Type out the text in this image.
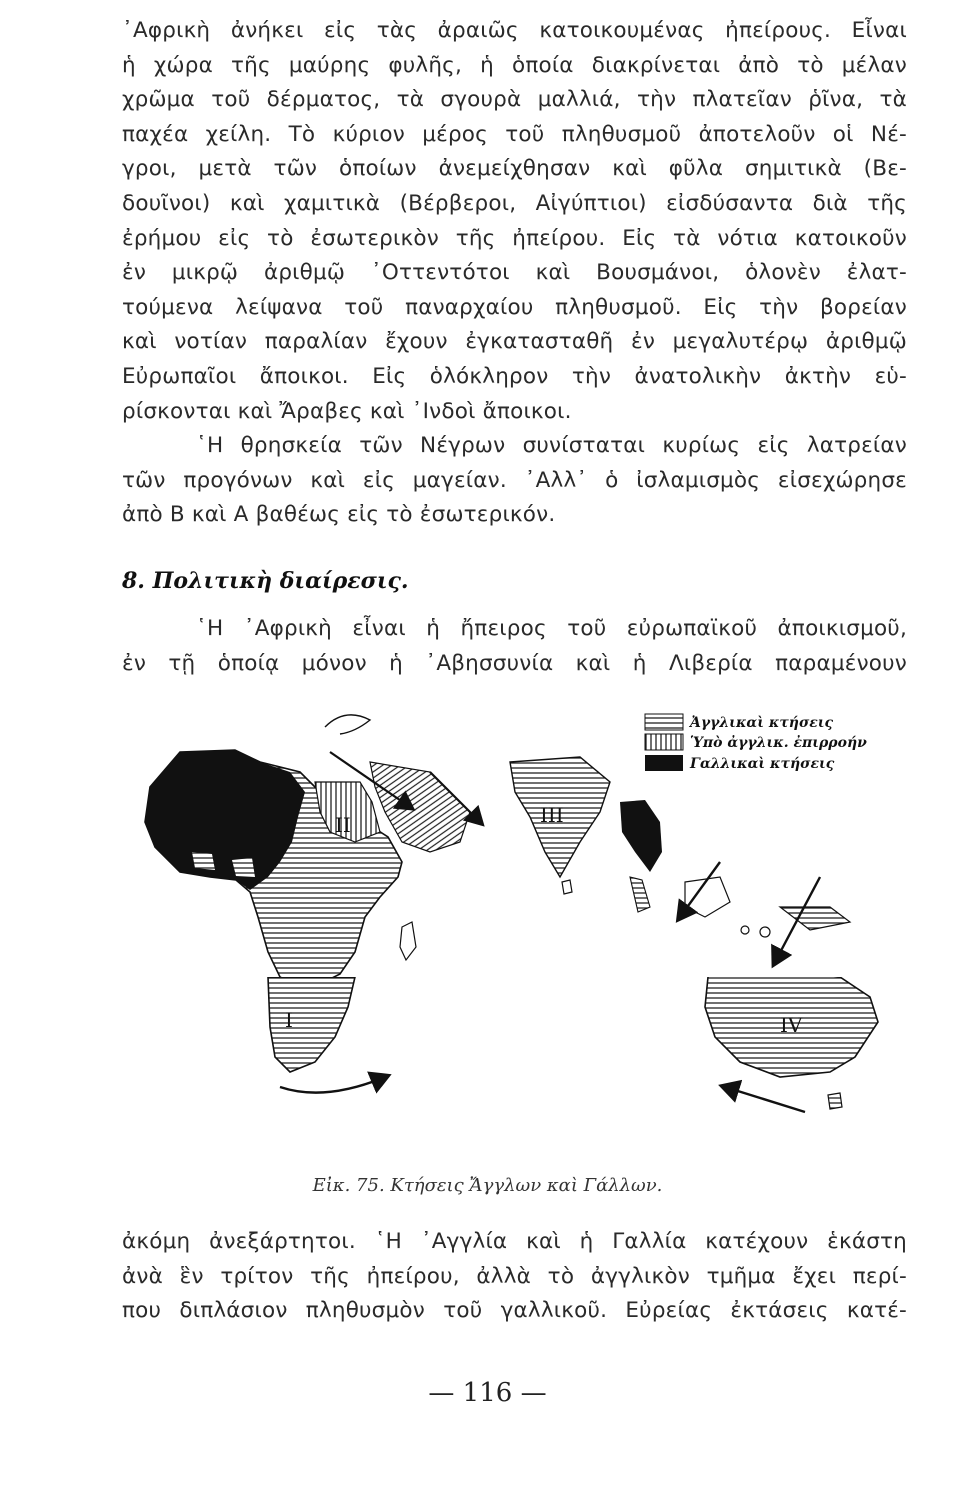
᾿Αφρικὴ ἀνήκει εἰς τὰς ἀραιῶς κατοικουμένας ἠπείρους. Εἶναι
ἡ χώρα τῆς μαύρης φυλῆς, ἡ ὁποία διακρίνεται ἀπὸ τὸ μέλαν
χρῶμα τοῦ δέρματος, τὰ σγουρὰ μαλλιά, τὴν πλατεῖαν ῥῖνα, τὰ
παχέα χείλη. Τὸ κύριον μέρος τοῦ πληθυσμοῦ ἀποτελοῦν οἱ Νέ-
γροι, μετὰ τῶν ὁποίων ἀνεμείχθησαν καὶ φῦλα σημιτικὰ (Βε-
δουῖνοι) καὶ χαμιτικὰ (Βέρβεροι, Αἰγύπτιοι) εἰσδύσαντα διὰ τῆς
ἐρήμου εἰς τὸ ἐσωτερικὸν τῆς ἠπείρου. Εἰς τὰ νότια κατοικοῦν
ἐν μικρῷ ἀριθμῷ ᾿Οττεντότοι καὶ Βουσμάνοι, ὁλονὲν ἐλατ-
τούμενα λείψανα τοῦ παναρχαίου πληθυσμοῦ. Εἰς τὴν βορείαν
καὶ νοτίαν παραλίαν ἔχουν ἐγκατασταθῆ ἐν μεγαλυτέρῳ ἀριθμῷ
Εὐρωπαῖοι ἄποικοι. Εἰς ὁλόκληρον τὴν ἀνατολικὴν ἀκτὴν εὑ-
ρίσκονται καὶ Ἄραβες καὶ ᾿Ινδοὶ ἄποικοι.
῾Η θρησκεία τῶν Νέγρων συνίσταται κυρίως εἰς λατρείαν
τῶν προγόνων καὶ εἰς μαγείαν. ᾿Αλλ᾿ ὁ ἰσλαμισμὸς εἰσεχώρησε
ἀπὸ Β καὶ Α βαθέως εἰς τὸ ἐσωτερικόν.
8. Πολιτικὴ διαίρεσις.
῾Η ᾿Αφρικὴ εἶναι ἡ ἤπειρος τοῦ εὐρωπαϊκοῦ ἀποικισμοῦ,
ἐν τῇ ὁποίᾳ μόνον ἡ ᾿Αβησσυνία καὶ ἡ Λιβερία παραμένουν
II	III
Ἀγγλικαὶ κτήσεις
Ὑπὸ ἀγγλικ. ἐπιρροήν
Γαλλικαὶ κτήσεις
I	IV
Εἰκ. 75. Κτήσεις Ἄγγλων καὶ Γάλλων.
ἀκόμη ἀνεξάρτητοι. ῾Η ᾿Αγγλία καὶ ἡ Γαλλία κατέχουν ἑκάστη
ἀνὰ ἓν τρίτον τῆς ἠπείρου, ἀλλὰ τὸ ἀγγλικὸν τμῆμα ἔχει περί-
που διπλάσιον πληθυσμὸν τοῦ γαλλικοῦ. Εὐρείας ἐκτάσεις κατέ-
— 116 —
